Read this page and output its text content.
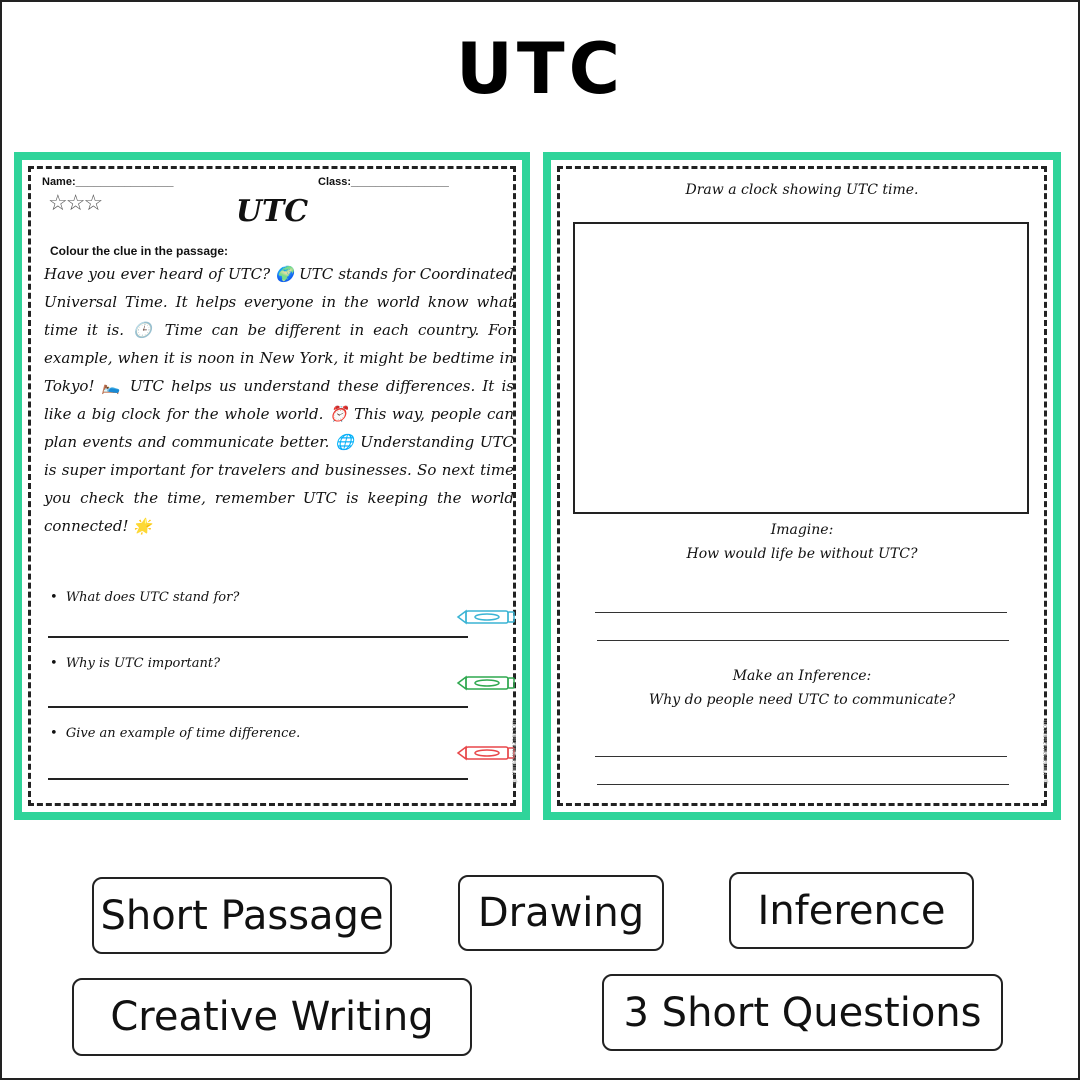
UTC
Name:________________	Class:________________
☆☆☆	UTC
Colour the clue in the passage:
Have you ever heard of UTC? 🌍 UTC stands for Coordinated Universal Time. It helps everyone in the world know what time it is. 🕒 Time can be different in each country. For example, when it is noon in New York, it might be bedtime in Tokyo! 🛌 UTC helps us understand these differences. It is like a big clock for the whole world. ⏰ This way, people can plan events and communicate better. 🌐 Understanding UTC is super important for travelers and businesses. So next time you check the time, remember UTC is keeping the world connected! 🌟
• What does UTC stand for?
• Why is UTC important?
• Give an example of time difference.	© PrintableBazaar.com
Draw a clock showing UTC time.
Imagine:
How would life be without UTC?
Make an Inference:
Why do people need UTC to communicate?
© PrintableBazaar.com
Short Passage	Drawing	Inference
Creative Writing	3 Short Questions
